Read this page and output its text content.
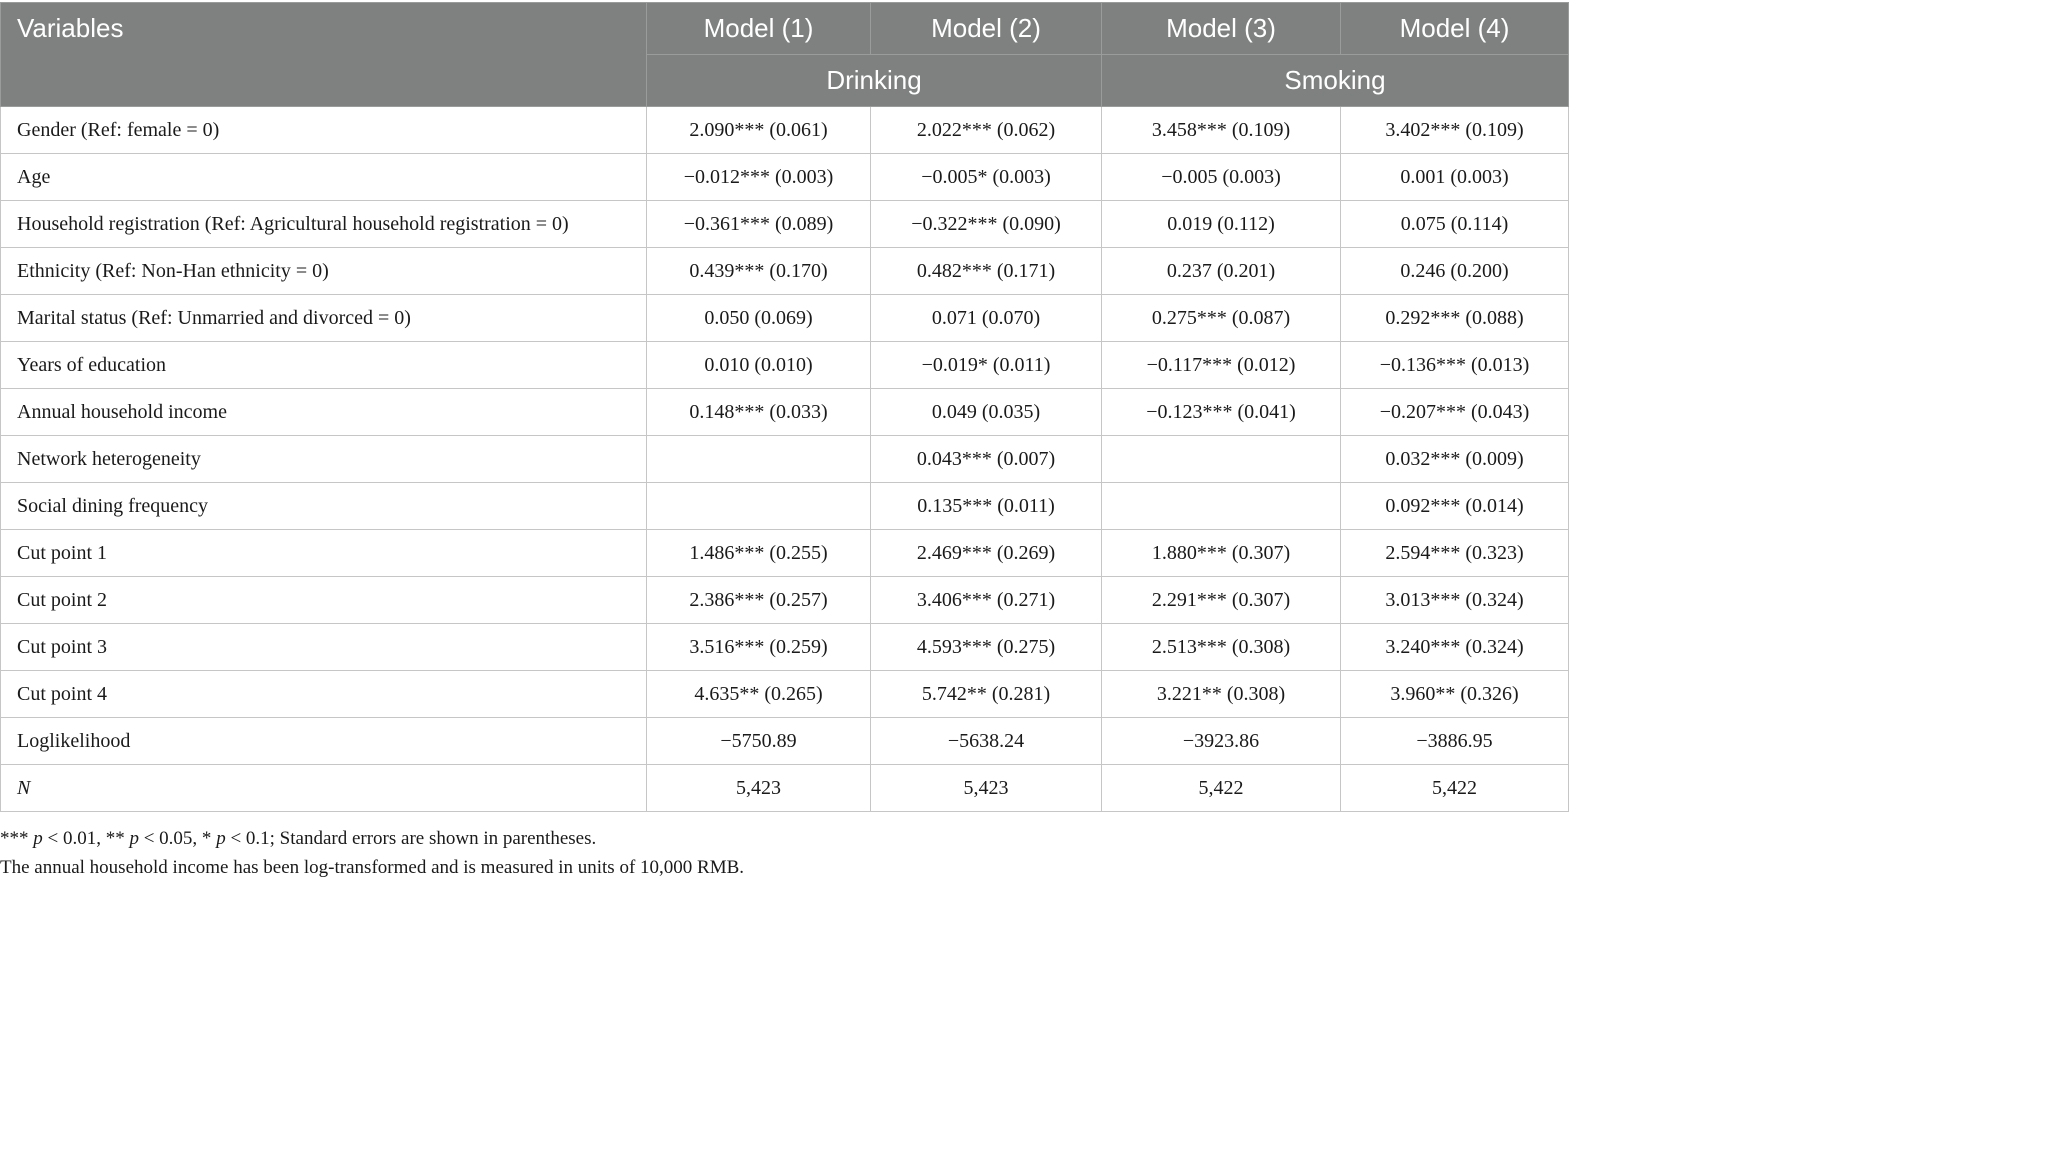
Variables	Model (1)	Model (2)	Model (3)	Model (4)
	Drinking		Smoking	
Gender (Ref: female = 0)	2.090*** (0.061)	2.022*** (0.062)	3.458*** (0.109)	3.402*** (0.109)
Age	−0.012*** (0.003)	−0.005* (0.003)	−0.005 (0.003)	0.001 (0.003)
Household registration (Ref: Agricultural household registration = 0)	−0.361*** (0.089)	−0.322*** (0.090)	0.019 (0.112)	0.075 (0.114)
Ethnicity (Ref: Non-Han ethnicity = 0)	0.439*** (0.170)	0.482*** (0.171)	0.237 (0.201)	0.246 (0.200)
Marital status (Ref: Unmarried and divorced = 0)	0.050 (0.069)	0.071 (0.070)	0.275*** (0.087)	0.292*** (0.088)
Years of education	0.010 (0.010)	−0.019* (0.011)	−0.117*** (0.012)	−0.136*** (0.013)
Annual household income	0.148*** (0.033)	0.049 (0.035)	−0.123*** (0.041)	−0.207*** (0.043)
Network heterogeneity		0.043*** (0.007)		0.032*** (0.009)
Social dining frequency		0.135*** (0.011)		0.092*** (0.014)
Cut point 1	1.486*** (0.255)	2.469*** (0.269)	1.880*** (0.307)	2.594*** (0.323)
Cut point 2	2.386*** (0.257)	3.406*** (0.271)	2.291*** (0.307)	3.013*** (0.324)
Cut point 3	3.516*** (0.259)	4.593*** (0.275)	2.513*** (0.308)	3.240*** (0.324)
Cut point 4	4.635** (0.265)	5.742** (0.281)	3.221** (0.308)	3.960** (0.326)
Loglikelihood	−5750.89	−5638.24	−3923.86	−3886.95
N	5,423	5,423	5,422	5,422
*** p < 0.01, ** p < 0.05, * p < 0.1; Standard errors are shown in parentheses.
The annual household income has been log-transformed and is measured in units of 10,000 RMB.
